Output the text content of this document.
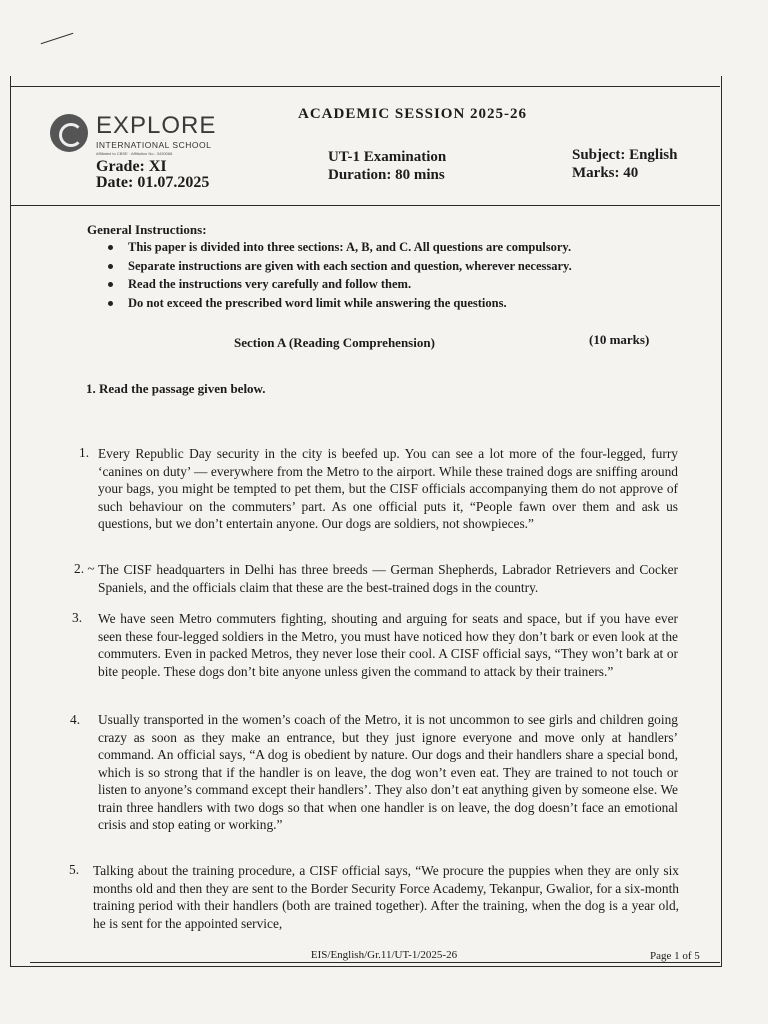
EXPLORE
INTERNATIONAL SCHOOL
Affiliated to CBSE · Affiliation No.: 3430068
ACADEMIC SESSION 2025-26
Grade: XI
Date: 01.07.2025
UT-1 Examination
Duration: 80 mins
Subject: English
Marks: 40
General Instructions:
This paper is divided into three sections: A, B, and C. All questions are compulsory.
Separate instructions are given with each section and question, wherever necessary.
Read the instructions very carefully and follow them.
Do not exceed the prescribed word limit while answering the questions.
Section A (Reading Comprehension)	(10 marks)
1. Read the passage given below.
1. Every Republic Day security in the city is beefed up. You can see a lot more of the four-legged, furry ‘canines on duty’ — everywhere from the Metro to the airport. While these trained dogs are sniffing around your bags, you might be tempted to pet them, but the CISF officials accompanying them do not approve of such behaviour on the commuters’ part. As one official puts it, “People fawn over them and ask us questions, but we don’t entertain anyone. Our dogs are soldiers, not showpieces.”
2. ~ The CISF headquarters in Delhi has three breeds — German Shepherds, Labrador Retrievers and Cocker Spaniels, and the officials claim that these are the best-trained dogs in the country.
3. We have seen Metro commuters fighting, shouting and arguing for seats and space, but if you have ever seen these four-legged soldiers in the Metro, you must have noticed how they don’t bark or even look at the commuters. Even in packed Metros, they never lose their cool. A CISF official says, “They won’t bark at or bite people. These dogs don’t bite anyone unless given the command to attack by their trainers.”
4. Usually transported in the women’s coach of the Metro, it is not uncommon to see girls and children going crazy as soon as they make an entrance, but they just ignore everyone and move only at handlers’ command. An official says, “A dog is obedient by nature. Our dogs and their handlers share a special bond, which is so strong that if the handler is on leave, the dog won’t even eat. They are trained to not touch or listen to anyone’s command except their handlers’. They also don’t eat anything given by someone else. We train three handlers with two dogs so that when one handler is on leave, the dog doesn’t face an emotional crisis and stop eating or working.”
5. Talking about the training procedure, a CISF official says, “We procure the puppies when they are only six months old and then they are sent to the Border Security Force Academy, Tekanpur, Gwalior, for a six-month training period with their handlers (both are trained together). After the training, when the dog is a year old, he is sent for the appointed service,
EIS/English/Gr.11/UT-1/2025-26	Page 1 of 5
